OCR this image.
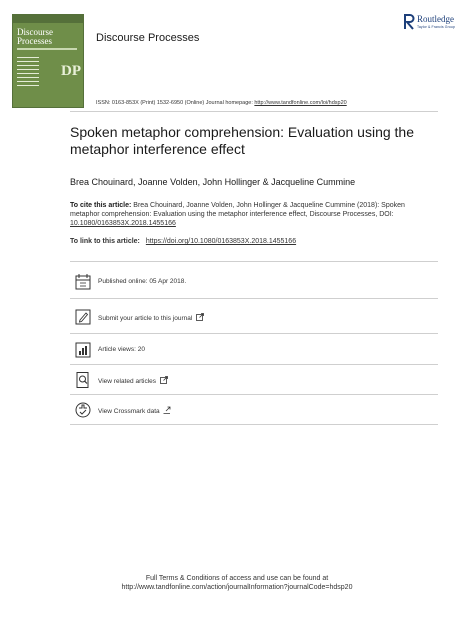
Discourse
Processes
DP
Discourse Processes
Routledge
Taylor & Francis Group
ISSN: 0163-853X (Print) 1532-6950 (Online) Journal homepage: http://www.tandfonline.com/loi/hdsp20
Spoken metaphor comprehension: Evaluation using the metaphor interference effect
Brea Chouinard, Joanne Volden, John Hollinger & Jacqueline Cummine
To cite this article: Brea Chouinard, Joanne Volden, John Hollinger & Jacqueline Cummine (2018): Spoken metaphor comprehension: Evaluation using the metaphor interference effect, Discourse Processes, DOI: 10.1080/0163853X.2018.1455166
To link to this article: https://doi.org/10.1080/0163853X.2018.1455166
Published online: 05 Apr 2018.
Submit your article to this journal
Article views: 20
View related articles
View Crossmark data
Full Terms & Conditions of access and use can be found at
http://www.tandfonline.com/action/journalInformation?journalCode=hdsp20
